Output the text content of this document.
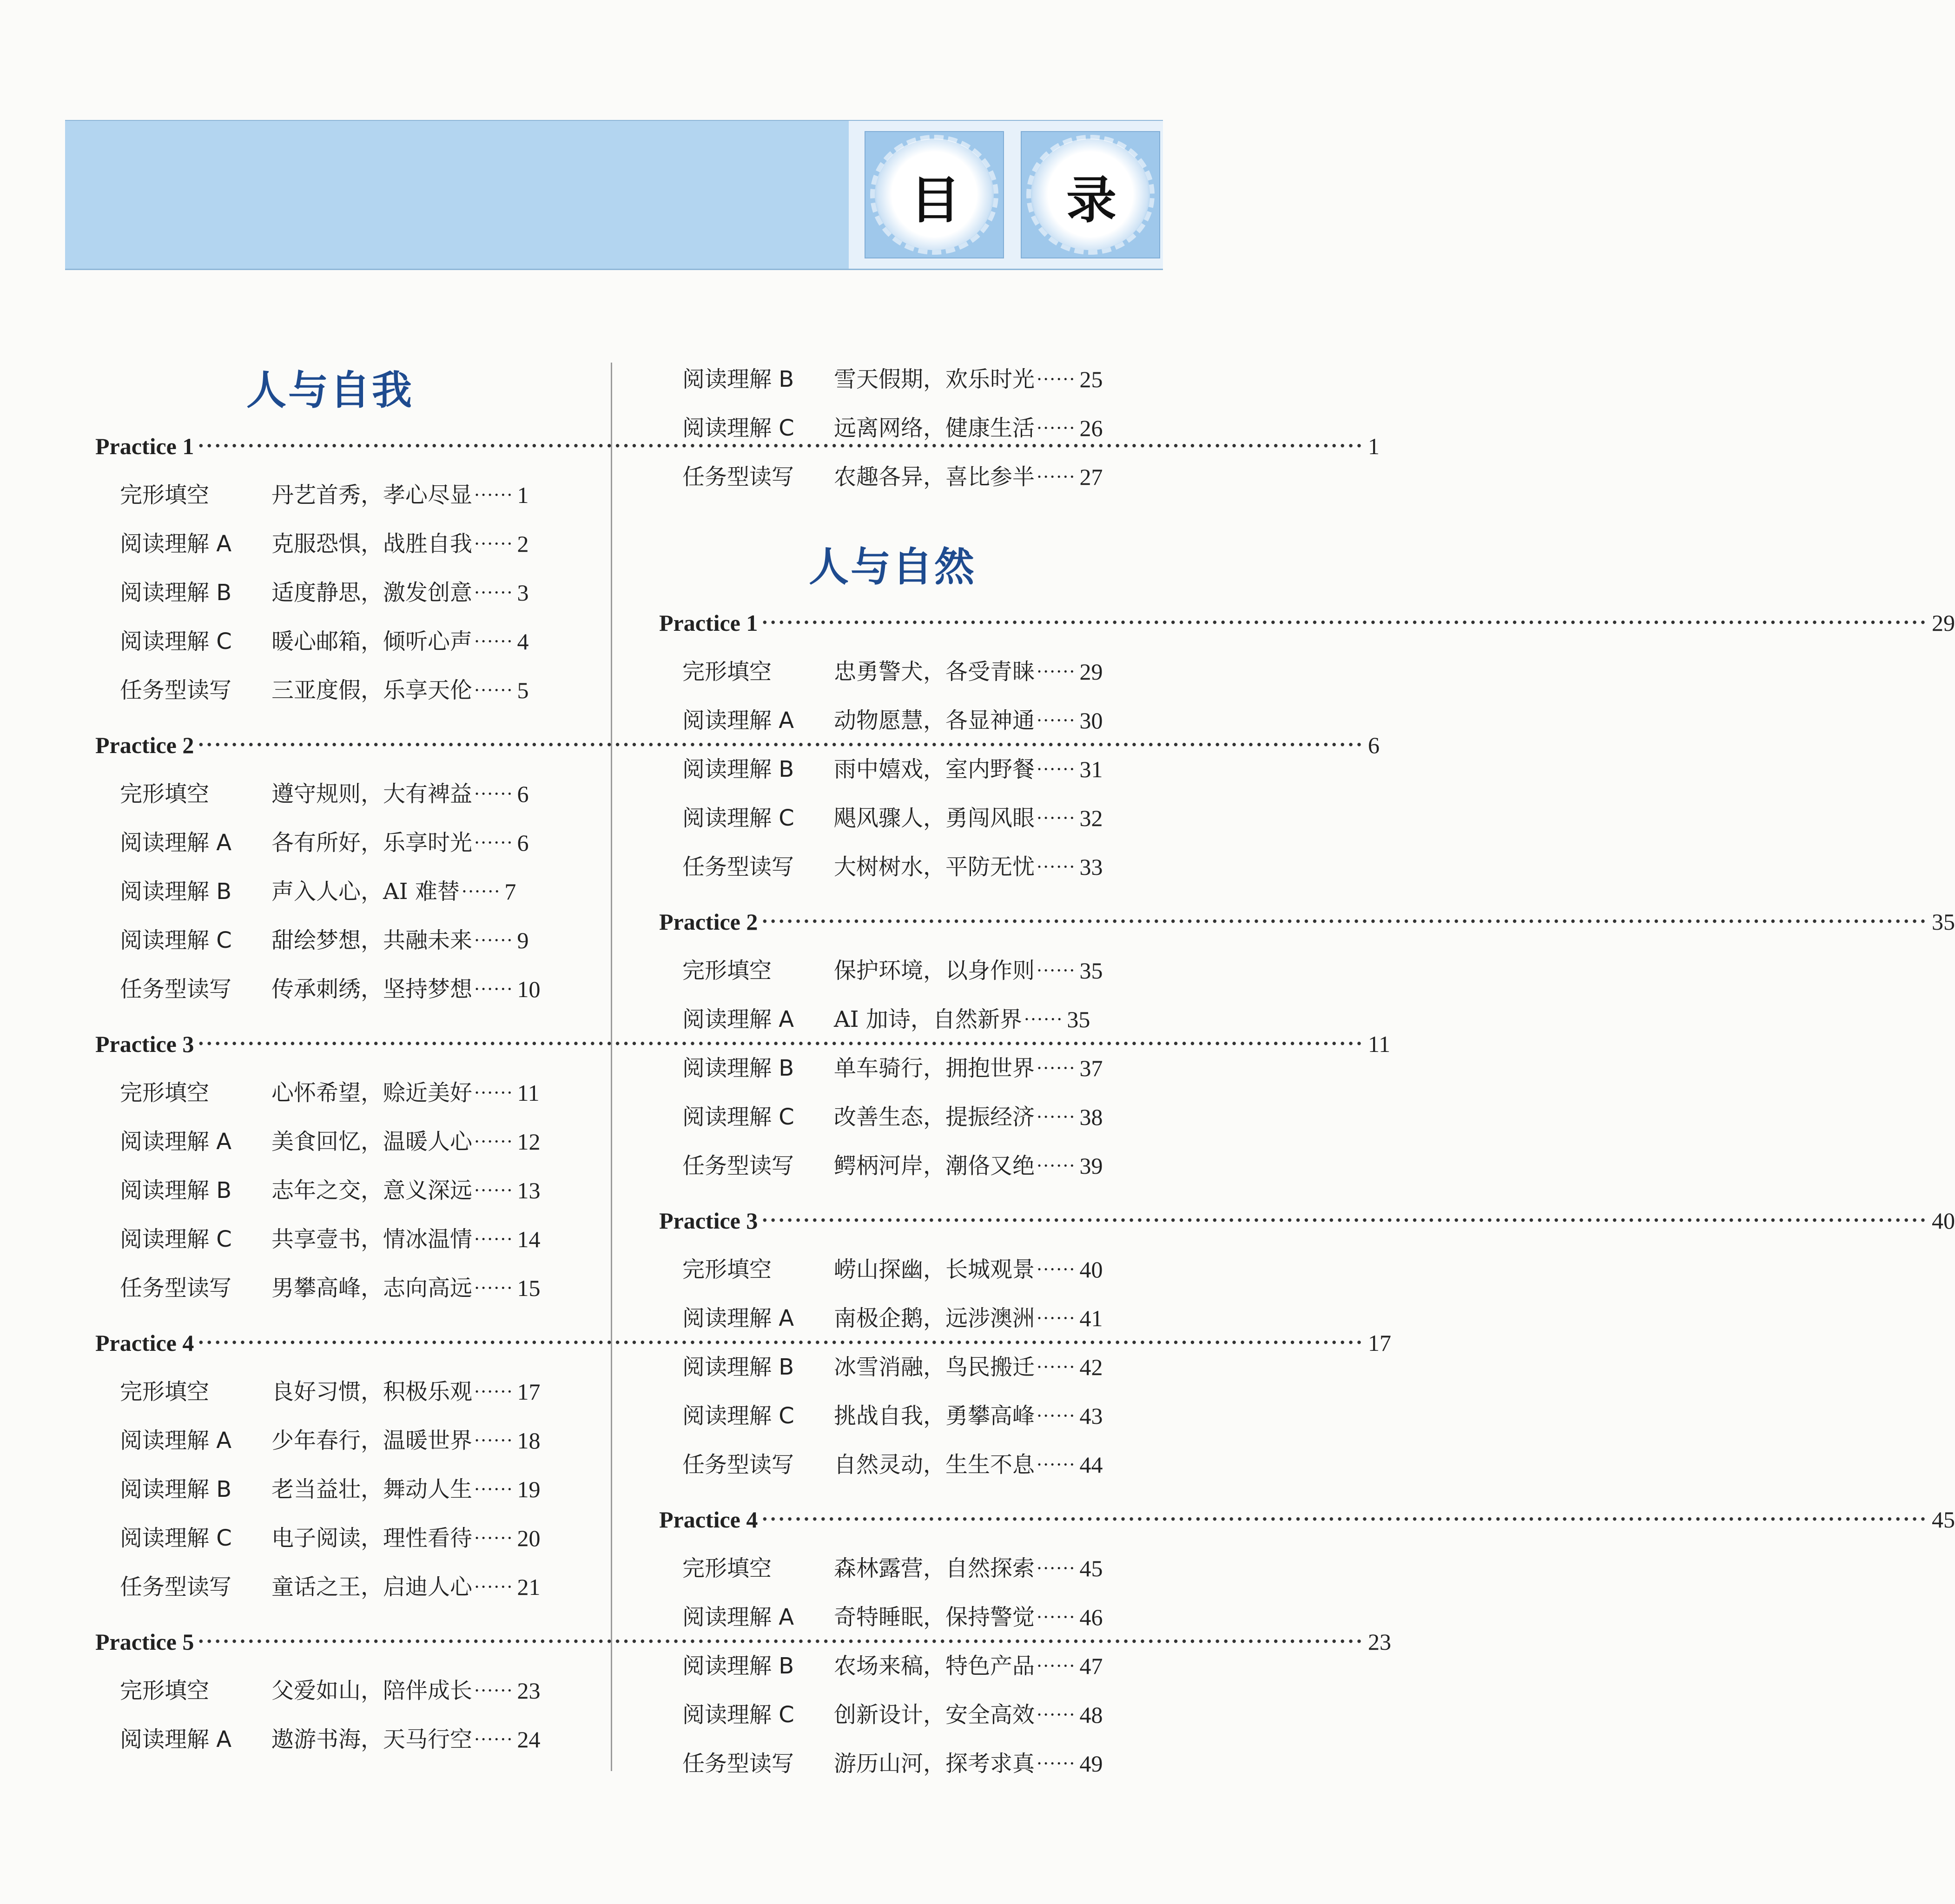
目	录
人与自我
Practice 1 ············································································································································ 1
完形填空	丹艺首秀，孝心尽显 ······ 1
阅读理解 A	克服恐惧，战胜自我 ······ 2
阅读理解 B	适度静思，激发创意 ······ 3
阅读理解 C	暖心邮箱，倾听心声 ······ 4
任务型读写	三亚度假，乐享天伦 ······ 5
Practice 2 ············································································································································ 6
完形填空	遵守规则，大有裨益 ······ 6
阅读理解 A	各有所好，乐享时光 ······ 6
阅读理解 B	声入人心，AI 难替 ······ 7
阅读理解 C	甜绘梦想，共融未来 ······ 9
任务型读写	传承刺绣，坚持梦想 ······ 10
Practice 3 ············································································································································ 11
完形填空	心怀希望，赊近美好 ······ 11
阅读理解 A	美食回忆，温暖人心 ······ 12
阅读理解 B	志年之交，意义深远 ······ 13
阅读理解 C	共享壹书，情冰温情 ······ 14
任务型读写	男攀高峰，志向高远 ······ 15
Practice 4 ············································································································································ 17
完形填空	良好习惯，积极乐观 ······ 17
阅读理解 A	少年春行，温暖世界 ······ 18
阅读理解 B	老当益壮，舞动人生 ······ 19
阅读理解 C	电子阅读，理性看待 ······ 20
任务型读写	童话之王，启迪人心 ······ 21
Practice 5 ············································································································································ 23
完形填空	父爱如山，陪伴成长 ······ 23
阅读理解 A	遨游书海，天马行空 ······ 24
阅读理解 B	雪天假期，欢乐时光 ······ 25
阅读理解 C	远离网络，健康生活 ······ 26
任务型读写	农趣各异，喜比参半 ······ 27
人与自然
Practice 1 ············································································································································ 29
完形填空	忠勇警犬，各受青睐 ······ 29
阅读理解 A	动物愿慧，各显神通 ······ 30
阅读理解 B	雨中嬉戏，室内野餐 ······ 31
阅读理解 C	飓风骤人，勇闯风眼 ······ 32
任务型读写	大树树水，平防无忧 ······ 33
Practice 2 ············································································································································ 35
完形填空	保护环境，以身作则 ······ 35
阅读理解 A	AI 加诗，自然新界 ······ 35
阅读理解 B	单车骑行，拥抱世界 ······ 37
阅读理解 C	改善生态，提振经济 ······ 38
任务型读写	鳄柄河岸，潮佫又绝 ······ 39
Practice 3 ············································································································································ 40
完形填空	崂山探幽，长城观景 ······ 40
阅读理解 A	南极企鹅，远涉澳洲 ······ 41
阅读理解 B	冰雪消融，鸟民搬迁 ······ 42
阅读理解 C	挑战自我，勇攀高峰 ······ 43
任务型读写	自然灵动，生生不息 ······ 44
Practice 4 ············································································································································ 45
完形填空	森林露营，自然探索 ······ 45
阅读理解 A	奇特睡眠，保持警觉 ······ 46
阅读理解 B	农场来稿，特色产品 ······ 47
阅读理解 C	创新设计，安全高效 ······ 48
任务型读写	游历山河，探考求真 ······ 49
